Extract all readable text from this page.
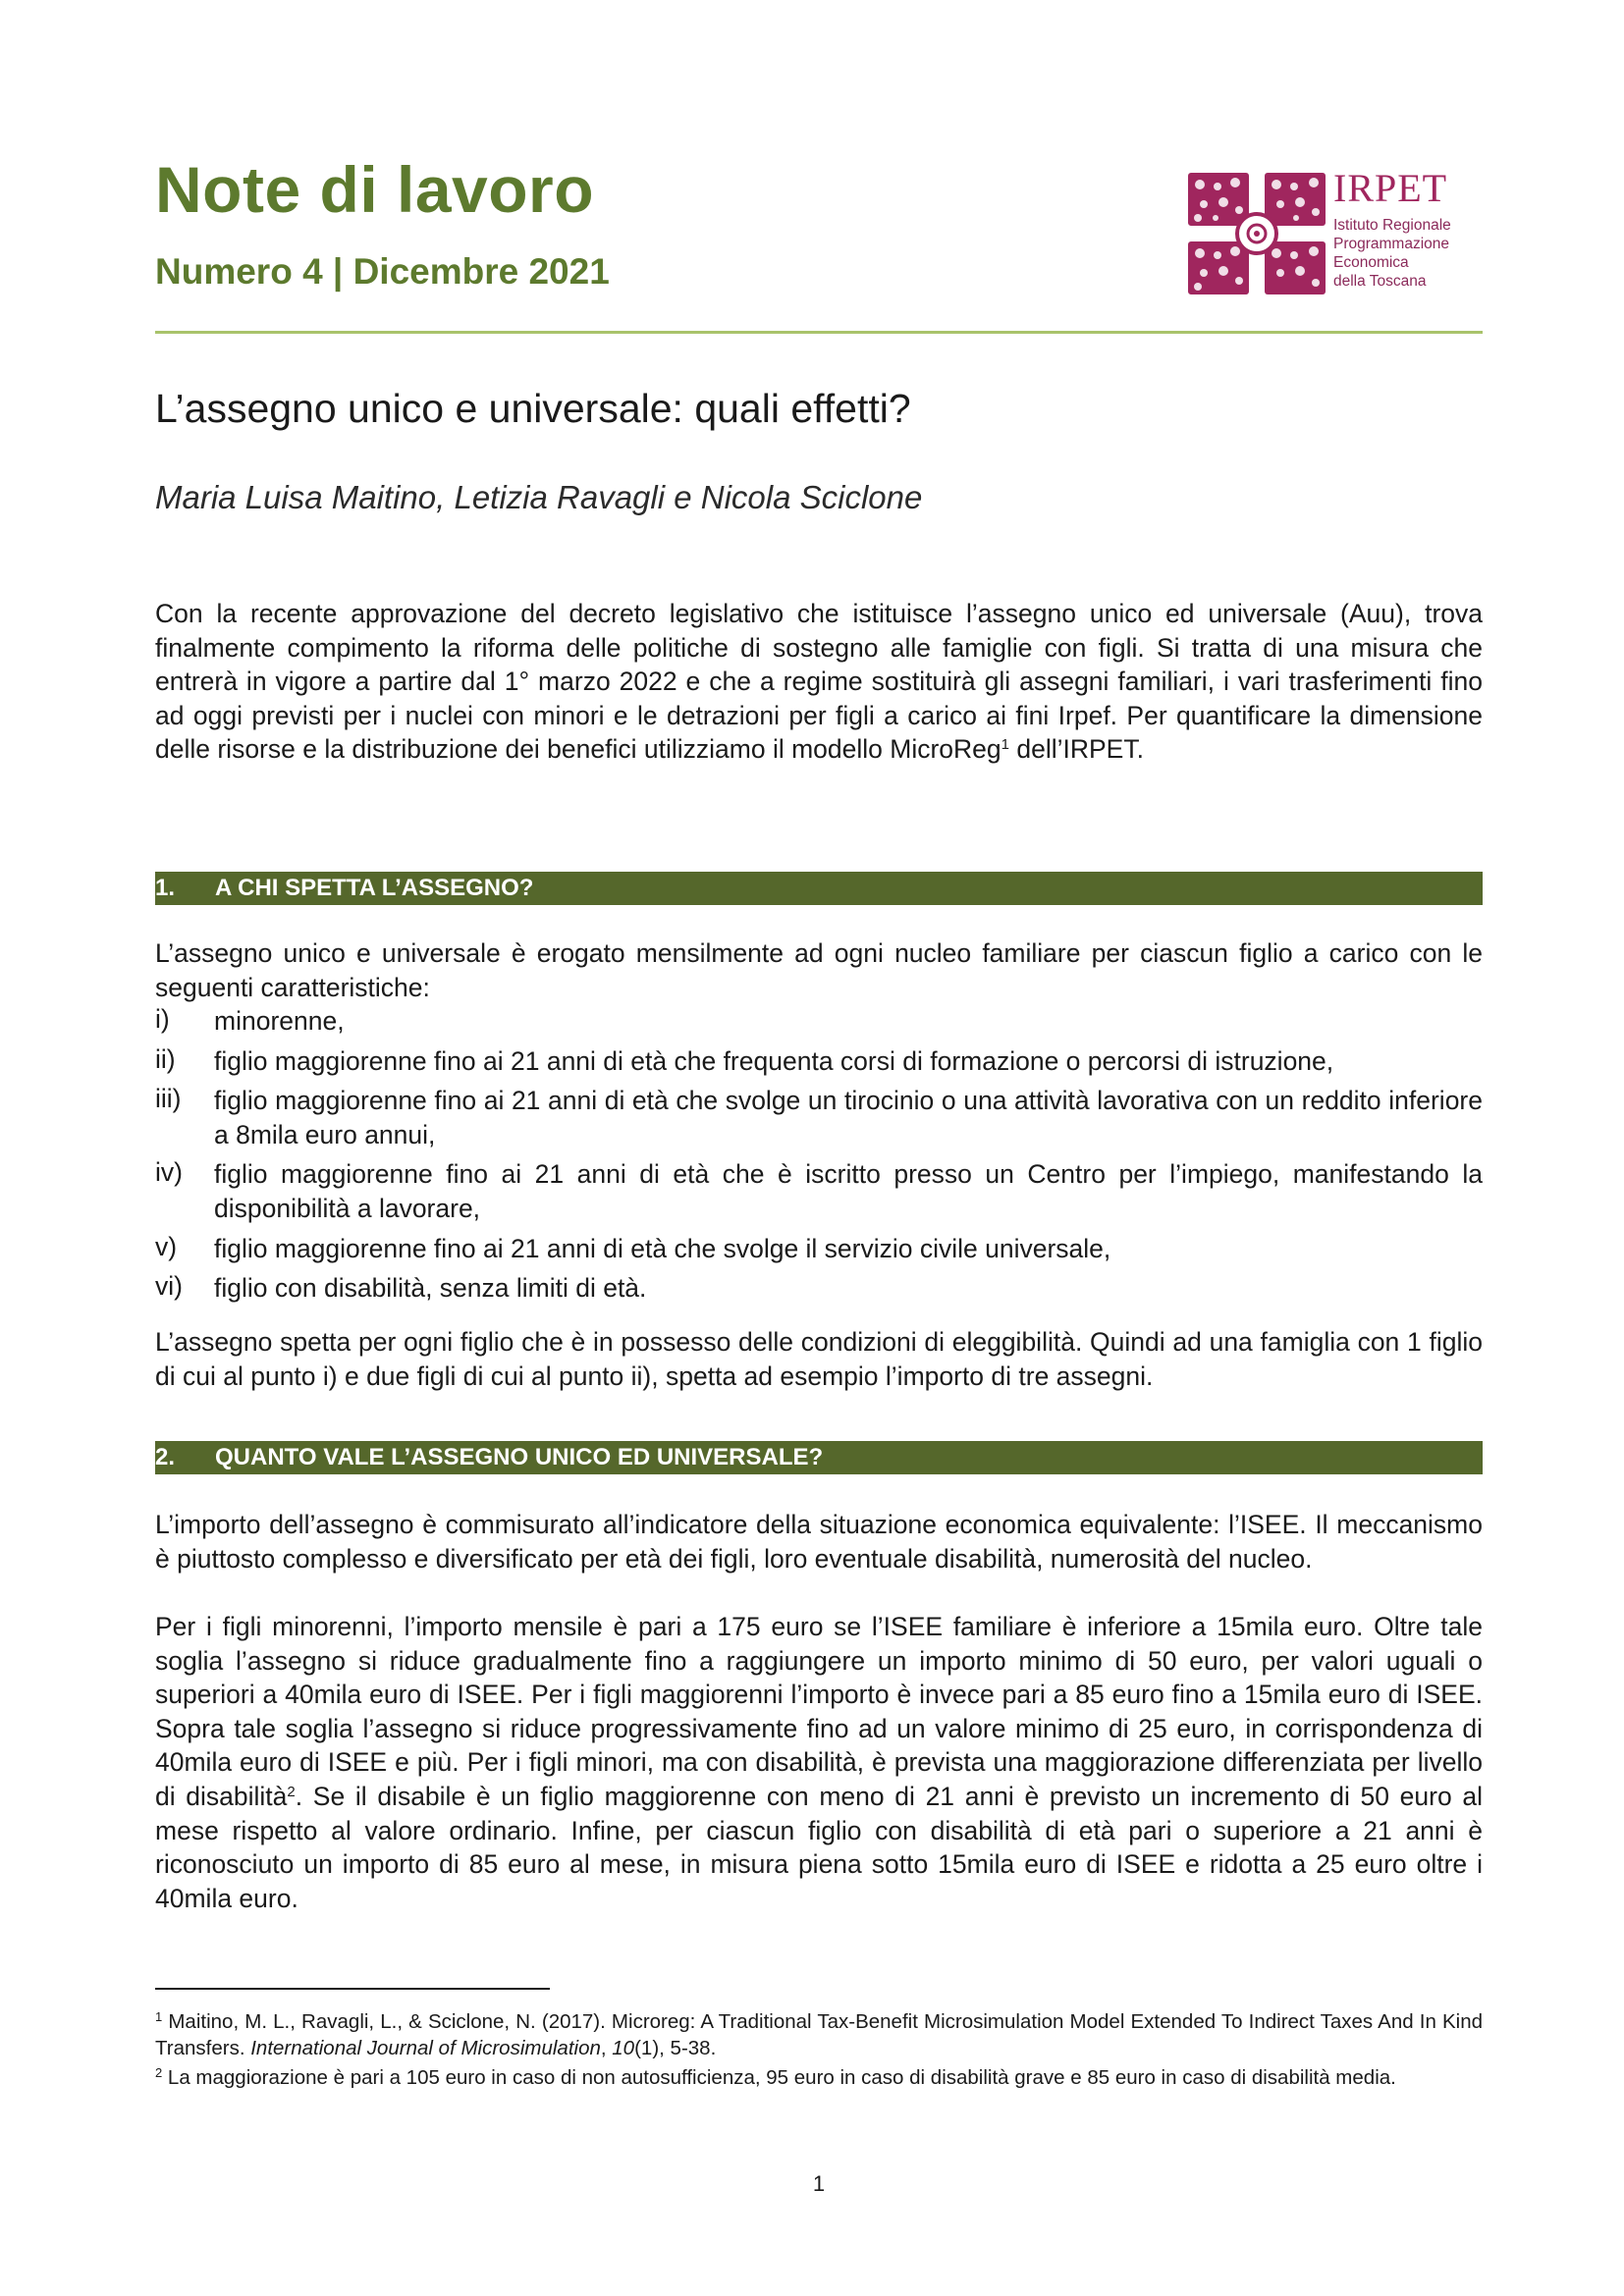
Note di lavoro
Numero 4 | Dicembre 2021
IRPET
Istituto Regionale
Programmazione
Economica
della Toscana
L’assegno unico e universale: quali effetti?
Maria Luisa Maitino, Letizia Ravagli e Nicola Sciclone
Con la recente approvazione del decreto legislativo che istituisce l’assegno unico ed universale (Auu), trova finalmente compimento la riforma delle politiche di sostegno alle famiglie con figli. Si tratta di una misura che entrerà in vigore a partire dal 1° marzo 2022 e che a regime sostituirà gli assegni familiari, i vari trasferimenti fino ad oggi previsti per i nuclei con minori e le detrazioni per figli a carico ai fini Irpef. Per quantificare la dimensione delle risorse e la distribuzione dei benefici utilizziamo il modello MicroReg$^1$ dell’IRPET.
1. A CHI SPETTA L’ASSEGNO?
L’assegno unico e universale è erogato mensilmente ad ogni nucleo familiare per ciascun figlio a carico con le seguenti caratteristiche:
i) minorenne,
ii) figlio maggiorenne fino ai 21 anni di età che frequenta corsi di formazione o percorsi di istruzione,
iii) figlio maggiorenne fino ai 21 anni di età che svolge un tirocinio o una attività lavorativa con un reddito inferiore a 8mila euro annui,
iv) figlio maggiorenne fino ai 21 anni di età che è iscritto presso un Centro per l’impiego, manifestando la disponibilità a lavorare,
v) figlio maggiorenne fino ai 21 anni di età che svolge il servizio civile universale,
vi) figlio con disabilità, senza limiti di età.
L’assegno spetta per ogni figlio che è in possesso delle condizioni di eleggibilità. Quindi ad una famiglia con 1 figlio di cui al punto i) e due figli di cui al punto ii), spetta ad esempio l’importo di tre assegni.
2. QUANTO VALE L’ASSEGNO UNICO ED UNIVERSALE?
L’importo dell’assegno è commisurato all’indicatore della situazione economica equivalente: l’ISEE. Il meccanismo è piuttosto complesso e diversificato per età dei figli, loro eventuale disabilità, numerosità del nucleo.
Per i figli minorenni, l’importo mensile è pari a 175 euro se l’ISEE familiare è inferiore a 15mila euro. Oltre tale soglia l’assegno si riduce gradualmente fino a raggiungere un importo minimo di 50 euro, per valori uguali o superiori a 40mila euro di ISEE. Per i figli maggiorenni l’importo è invece pari a 85 euro fino a 15mila euro di ISEE. Sopra tale soglia l’assegno si riduce progressivamente fino ad un valore minimo di 25 euro, in corrispondenza di 40mila euro di ISEE e più. Per i figli minori, ma con disabilità, è prevista una maggiorazione differenziata per livello di disabilità$^2$. Se il disabile è un figlio maggiorenne con meno di 21 anni è previsto un incremento di 50 euro al mese rispetto al valore ordinario. Infine, per ciascun figlio con disabilità di età pari o superiore a 21 anni è riconosciuto un importo di 85 euro al mese, in misura piena sotto 15mila euro di ISEE e ridotta a 25 euro oltre i 40mila euro.
$^1$ Maitino, M. L., Ravagli, L., & Sciclone, N. (2017). Microreg: A Traditional Tax-Benefit Microsimulation Model Extended To Indirect Taxes And In Kind Transfers. International Journal of Microsimulation, 10(1), 5-38.
$^2$ La maggiorazione è pari a 105 euro in caso di non autosufficienza, 95 euro in caso di disabilità grave e 85 euro in caso di disabilità media.
1
